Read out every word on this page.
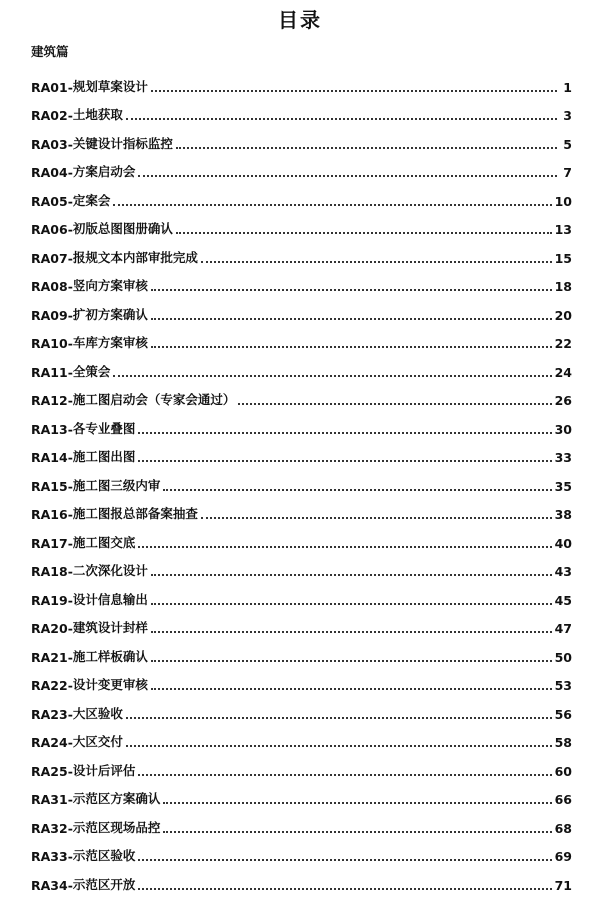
目录
建筑篇
RA01- 规划草案设计	1
RA02- 土地获取	3
RA03- 关键设计指标监控	5
RA04- 方案启动会	7
RA05- 定案会	10
RA06- 初版总图图册确认	13
RA07- 报规文本内部审批完成	15
RA08- 竖向方案审核	18
RA09- 扩初方案确认	20
RA10- 车库方案审核	22
RA11- 全策会	24
RA12- 施工图启动会（专家会通过）	26
RA13- 各专业叠图	30
RA14- 施工图出图	33
RA15- 施工图三级内审	35
RA16- 施工图报总部备案抽查	38
RA17- 施工图交底	40
RA18- 二次深化设计	43
RA19- 设计信息输出	45
RA20- 建筑设计封样	47
RA21- 施工样板确认	50
RA22- 设计变更审核	53
RA23- 大区验收	56
RA24- 大区交付	58
RA25- 设计后评估	60
RA31- 示范区方案确认	66
RA32- 示范区现场品控	68
RA33- 示范区验收	69
RA34- 示范区开放	71
